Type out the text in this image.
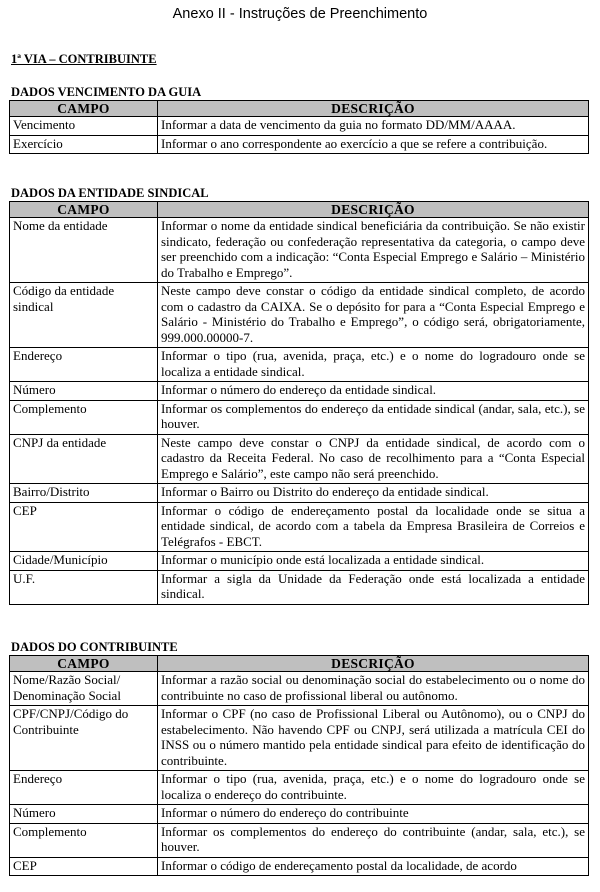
Anexo II - Instruções de Preenchimento
1ª VIA – CONTRIBUINTE
DADOS VENCIMENTO DA GUIA
CAMPO	DESCRIÇÃO
Vencimento	Informar a data de vencimento da guia no formato DD/MM/AAAA.
Exercício	Informar o ano correspondente ao exercício a que se refere a contribuição.
DADOS DA ENTIDADE SINDICAL
CAMPO	DESCRIÇÃO
Nome da entidade	Informar o nome da entidade sindical beneficiária da contribuição. Se não existir sindicato, federação ou confederação representativa da categoria, o campo deve ser preenchido com a indicação: “Conta Especial Emprego e Salário – Ministério do Trabalho e Emprego”.
Código da entidade sindical	Neste campo deve constar o código da entidade sindical completo, de acordo com o cadastro da CAIXA. Se o depósito for para a “Conta Especial Emprego e Salário - Ministério do Trabalho e Emprego”, o código será, obrigatoriamente, 999.000.00000-7.
Endereço	Informar o tipo (rua, avenida, praça, etc.) e o nome do logradouro onde se localiza a entidade sindical.
Número	Informar o número do endereço da entidade sindical.
Complemento	Informar os complementos do endereço da entidade sindical (andar, sala, etc.), se houver.
CNPJ da entidade	Neste campo deve constar o CNPJ da entidade sindical, de acordo com o cadastro da Receita Federal. No caso de recolhimento para a “Conta Especial Emprego e Salário”, este campo não será preenchido.
Bairro/Distrito	Informar o Bairro ou Distrito do endereço da entidade sindical.
CEP	Informar o código de endereçamento postal da localidade onde se situa a entidade sindical, de acordo com a tabela da Empresa Brasileira de Correios e Telégrafos - EBCT.
Cidade/Município	Informar o município onde está localizada a entidade sindical.
U.F.	Informar a sigla da Unidade da Federação onde está localizada a entidade sindical.
DADOS DO CONTRIBUINTE
CAMPO	DESCRIÇÃO
Nome/Razão Social/ Denominação Social	Informar a razão social ou denominação social do estabelecimento ou o nome do contribuinte no caso de profissional liberal ou autônomo.
CPF/CNPJ/Código do Contribuinte	Informar o CPF (no caso de Profissional Liberal ou Autônomo), ou o CNPJ do estabelecimento. Não havendo CPF ou CNPJ, será utilizada a matrícula CEI do INSS ou o número mantido pela entidade sindical para efeito de identificação do contribuinte.
Endereço	Informar o tipo (rua, avenida, praça, etc.) e o nome do logradouro onde se localiza o endereço do contribuinte.
Número	Informar o número do endereço do contribuinte
Complemento	Informar os complementos do endereço do contribuinte (andar, sala, etc.), se houver.
CEP	Informar o código de endereçamento postal da localidade, de acordo
